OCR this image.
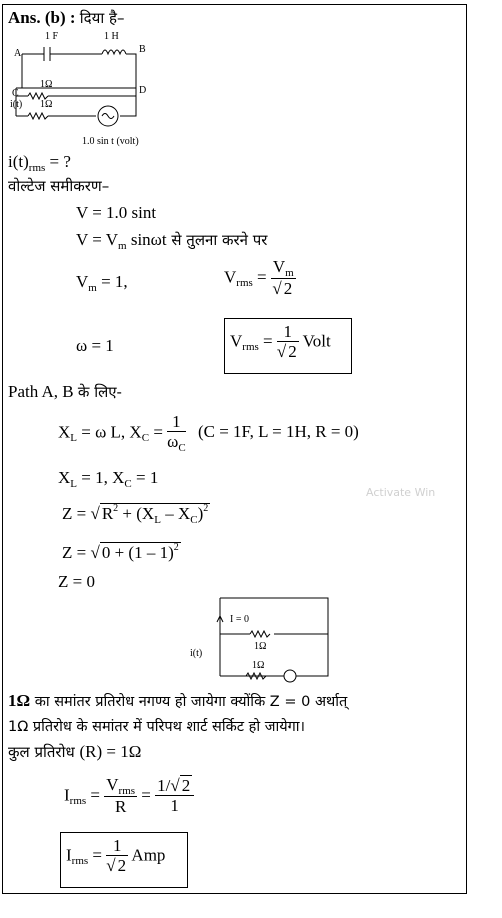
Ans. (b) : दिया है–
1 F	1 H
A	B
C	D
1Ω
1Ω
i(t)
1.0 sin t (volt)
$i(t)_{rms}$ = ?
वोल्टेज समीकरण–
V = 1.0 sint
$V = V_m$ sinωt से तुलना करने पर
$V_m = 1$,	$V_{rms} = \frac{V_m}{√ 2}$
ω = 1	$V_{rms} = \frac{1}{√ 2}$ Volt
Path A, B के लिए-
$X_L = \omega$ L, $X_C = \frac{1}{\omega_C} (C = 1F$, L = 1H, R = 0)
$X_L = 1$, $X_C = 1$
Activate Win
Z = √ $R^2 + (X_L - X_C)^2$
Z = √ 0 + (1 – 1)$^2$
Z = 0
I = 0
1Ω
1Ω
i(t)
1Ω का समांतर प्रतिरोध नगण्य हो जायेगा क्योंकि Z = 0 अर्थात्
1Ω प्रतिरोध के समांतर में परिपथ शार्ट सर्किट हो जायेगा।
कुल प्रतिरोध (R) = 1Ω
$I_{rms} = \frac{V_{rms}}{R} = \frac{1/√ 2}{1}$
$I_{rms} = \frac{1}{√ 2}$ Amp
